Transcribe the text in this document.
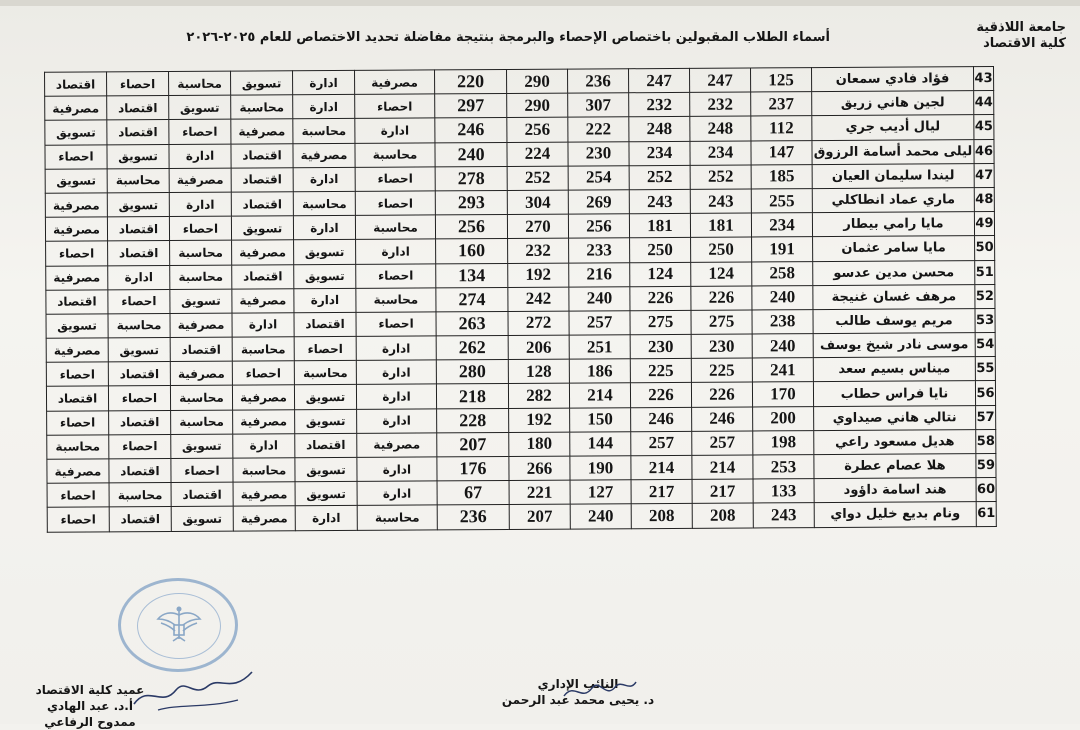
جامعة اللاذقية
كلية الاقتصاد
أسماء الطلاب المقبولين باختصاص الإحصاء والبرمجة بنتيجة مفاضلة تحديد الاختصاص للعام ٢٠٢٥-٢٠٢٦
43	فؤاد فادي سمعان	125	247	247	236	290	220	مصرفية	ادارة	تسويق	محاسبة	احصاء	اقتصاد
44	لجين هاني زريق	237	232	232	307	290	297	احصاء	ادارة	محاسبة	تسويق	اقتصاد	مصرفية
45	ليال أديب جري	112	248	248	222	256	246	ادارة	محاسبة	مصرفية	احصاء	اقتصاد	تسويق
46	ليلى محمد أسامة الرزوق	147	234	234	230	224	240	محاسبة	مصرفية	اقتصاد	ادارة	تسويق	احصاء
47	ليندا سليمان العيان	185	252	252	254	252	278	احصاء	ادارة	اقتصاد	مصرفية	محاسبة	تسويق
48	ماري عماد انطاكلي	255	243	243	269	304	293	احصاء	محاسبة	اقتصاد	ادارة	تسويق	مصرفية
49	مايا رامي بيطار	234	181	181	256	270	256	محاسبة	ادارة	تسويق	احصاء	اقتصاد	مصرفية
50	مايا سامر عثمان	191	250	250	233	232	160	ادارة	تسويق	مصرفية	محاسبة	اقتصاد	احصاء
51	محسن مدين عدسو	258	124	124	216	192	134	احصاء	تسويق	اقتصاد	محاسبة	ادارة	مصرفية
52	مرهف غسان غنيجة	240	226	226	240	242	274	محاسبة	ادارة	مصرفية	تسويق	احصاء	اقتصاد
53	مريم يوسف طالب	238	275	275	257	272	263	احصاء	اقتصاد	ادارة	مصرفية	محاسبة	تسويق
54	موسى نادر شيخ يوسف	240	230	230	251	206	262	ادارة	احصاء	محاسبة	اقتصاد	تسويق	مصرفية
55	ميناس بسيم سعد	241	225	225	186	128	280	ادارة	محاسبة	احصاء	مصرفية	اقتصاد	احصاء
56	نايا فراس حطاب	170	226	226	214	282	218	ادارة	تسويق	مصرفية	محاسبة	احصاء	اقتصاد
57	نتالي هاني صيداوي	200	246	246	150	192	228	ادارة	تسويق	مصرفية	محاسبة	اقتصاد	احصاء
58	هديل مسعود راعي	198	257	257	144	180	207	مصرفية	اقتصاد	ادارة	تسويق	احصاء	محاسبة
59	هلا عصام عطرة	253	214	214	190	266	176	ادارة	تسويق	محاسبة	احصاء	اقتصاد	مصرفية
60	هند اسامة داؤود	133	217	217	127	221	67	ادارة	تسويق	مصرفية	اقتصاد	محاسبة	احصاء
61	ونام بديع خليل دواي	243	208	208	240	207	236	محاسبة	ادارة	مصرفية	تسويق	اقتصاد	احصاء
النائب الإداري
د. يحيى محمد عبد الرحمن
عميد كلية الاقتصاد
أ.د. عبد الهادي ممدوح الرفاعي
